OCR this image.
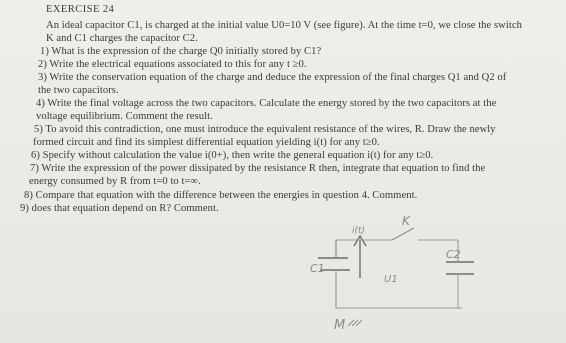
EXERCISE 24
An ideal capacitor C1, is charged at the initial value U0=10 V (see figure). At the time t=0, we close the switch
K and C1 charges the capacitor C2.
1) What is the expression of the charge Q0 initially stored by C1?
2) Write the electrical equations associated to this for any t ≥0.
3) Write the conservation equation of the charge and deduce the expression of the final charges Q1 and Q2 of
the two capacitors.
4) Write the final voltage across the two capacitors. Calculate the energy stored by the two capacitors at the
voltage equilibrium. Comment the result.
5) To avoid this contradiction, one must introduce the equivalent resistance of the wires, R. Draw the newly
formed circuit and find its simplest differential equation yielding i(t) for any t≥0.
6) Specify without calculation the value i(0+), then write the general equation i(t) for any t≥0.
7) Write the expression of the power dissipated by the resistance R then, integrate that equation to find the
energy consumed by R from t=0 to t=∞.
8) Compare that equation with the difference between the energies in question 4. Comment.
9) does that equation depend on R? Comment.
i(t)
K
C1
U1
C2
M
